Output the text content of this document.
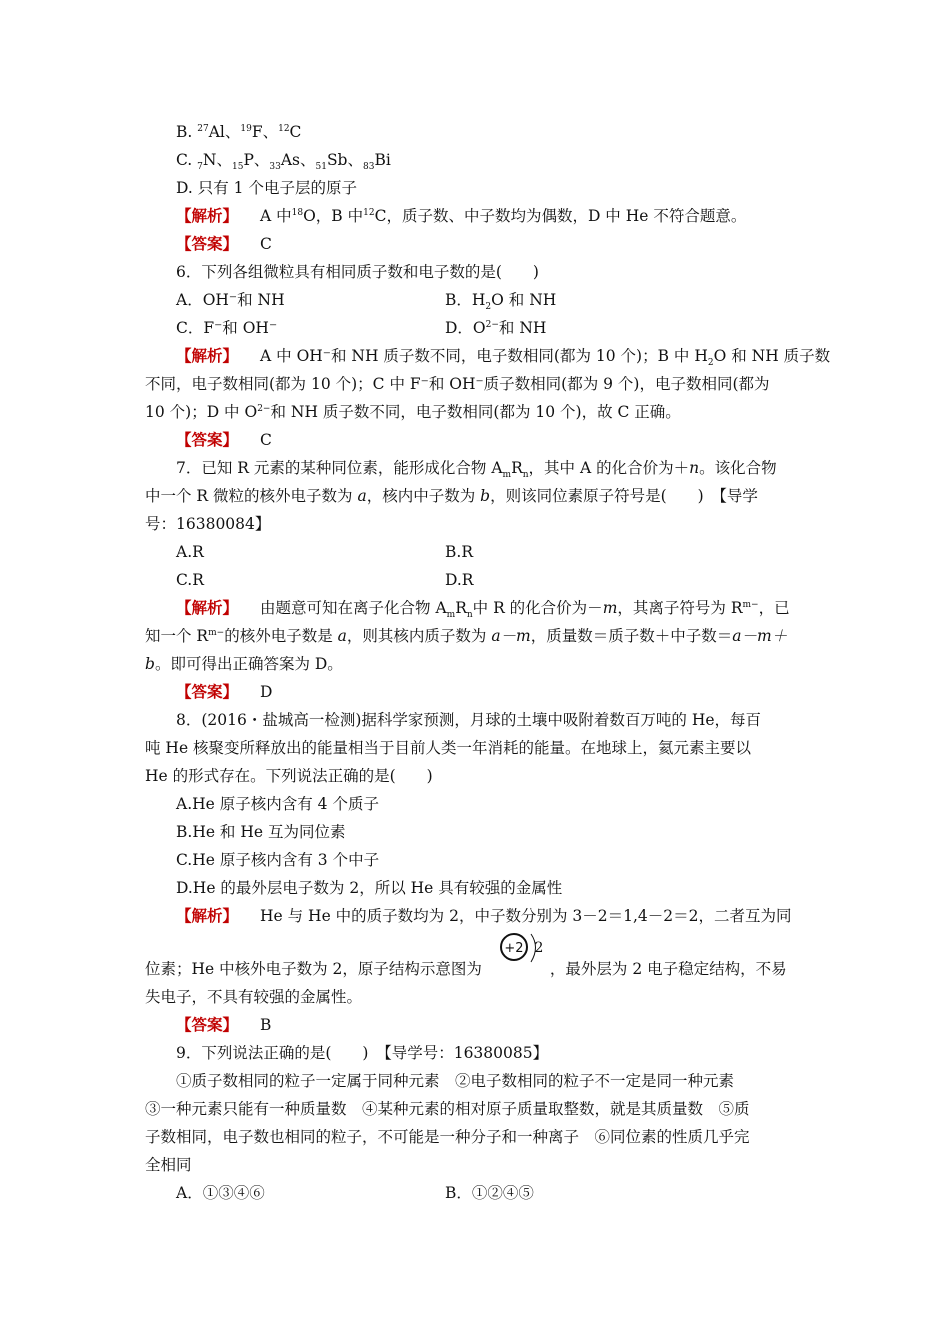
B. $^{27}$Al、$^{19}$F、$^{12}$C
C. $_7$N、$_{15}$P、$_{33}$As、$_{51}$Sb、$_{83}$Bi
D. 只有 1 个电子层的原子
【解析】 A 中$^{18}$O，B 中$^{12}$C，质子数、中子数均为偶数，D 中 He 不符合题意。
【答案】 C
6．下列各组微粒具有相同质子数和电子数的是(　　)
A．OH⁻和 NH	B．$H_2O$ 和 NH
C．F⁻和 OH⁻	D．$O^{2-}$和 NH
【解析】 A 中 OH⁻和 NH 质子数不同，电子数相同(都为 10 个)；B 中 $H_2O$ 和 NH 质子数
不同，电子数相同(都为 10 个)；C 中 F⁻和 OH⁻质子数相同(都为 9 个)，电子数相同(都为
10 个)；D 中 $O^{2-}$和 NH 质子数不同，电子数相同(都为 10 个)，故 C 正确。
【答案】 C
7．已知 R 元素的某种同位素，能形成化合物 $A_mR_n$，其中 A 的化合价为＋n。该化合物
中一个 R 微粒的核外电子数为 a，核内中子数为 b，则该同位素原子符号是(　　)　【导学
号：16380084】
A.R	B.R
C.R	D.R
【解析】 由题意可知在离子化合物 $A_mR_n$中 R 的化合价为－m，其离子符号为 $R^{m-}$，已
知一个 $R^{m-}$的核外电子数是 a，则其核内质子数为 a－m，质量数＝质子数＋中子数＝a－m＋
b。即可得出正确答案为 D。
【答案】 D
8．(2016・盐城高一检测)据科学家预测，月球的土壤中吸附着数百万吨的 He，每百
吨 He 核聚变所释放出的能量相当于目前人类一年消耗的能量。在地球上，氦元素主要以
He 的形式存在。下列说法正确的是(　　)
A.He 原子核内含有 4 个质子
B.He 和 He 互为同位素
C.He 原子核内含有 3 个中子
D.He 的最外层电子数为 2，所以 He 具有较强的金属性
【解析】 He 与 He 中的质子数均为 2，中子数分别为 3－2＝1,4－2＝2，二者互为同
+2 2
位素；He 中核外电子数为 2，原子结构示意图为	，最外层为 2 电子稳定结构，不易
失电子，不具有较强的金属性。
【答案】 B
9．下列说法正确的是(　　)　【导学号：16380085】
①质子数相同的粒子一定属于同种元素　②电子数相同的粒子不一定是同一种元素
③一种元素只能有一种质量数　④某种元素的相对原子质量取整数，就是其质量数　⑤质
子数相同，电子数也相同的粒子，不可能是一种分子和一种离子　⑥同位素的性质几乎完
全相同
A．①③④⑥	B．①②④⑤
